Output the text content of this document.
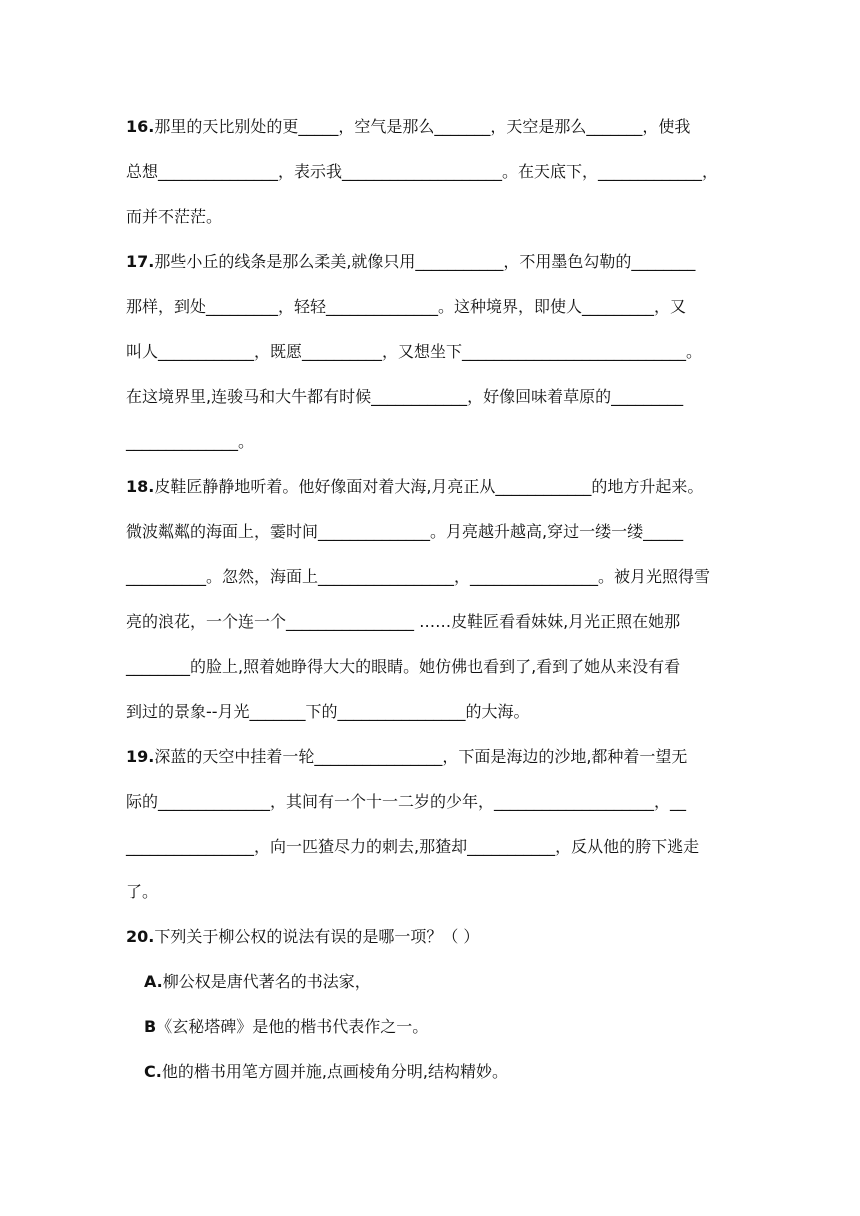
16.那里的天比别处的更_____，空气是那么_______，天空是那么_______，使我
总想_______________，表示我____________________。在天底下，_____________，
而并不茫茫。
17.那些小丘的线条是那么柔美,就像只用___________，不用墨色勾勒的________
那样，到处_________，轻轻______________。这种境界，即使人_________，又
叫人____________，既愿__________，又想坐下____________________________。
在这境界里,连骏马和大牛都有时候____________，好像回味着草原的_________
______________。
18.皮鞋匠静静地听着。他好像面对着大海,月亮正从____________的地方升起来。
微波粼粼的海面上，霎时间______________。月亮越升越高,穿过一缕一缕_____
__________。忽然，海面上_________________，________________。被月光照得雪
亮的浪花，一个连一个________________ ……皮鞋匠看看妹妹,月光正照在她那
________的脸上,照着她睁得大大的眼睛。她仿佛也看到了,看到了她从来没有看
到过的景象--月光_______下的________________的大海。
19.深蓝的天空中挂着一轮________________，下面是海边的沙地,都种着一望无
际的______________，其间有一个十一二岁的少年，____________________，__
________________，向一匹猹尽力的刺去,那猹却___________，反从他的胯下逃走
了。
20.下列关于柳公权的说法有误的是哪一项？（ ）
A.柳公权是唐代著名的书法家，
B《玄秘塔碑》是他的楷书代表作之一。
C.他的楷书用笔方圆并施,点画棱角分明,结构精妙。
